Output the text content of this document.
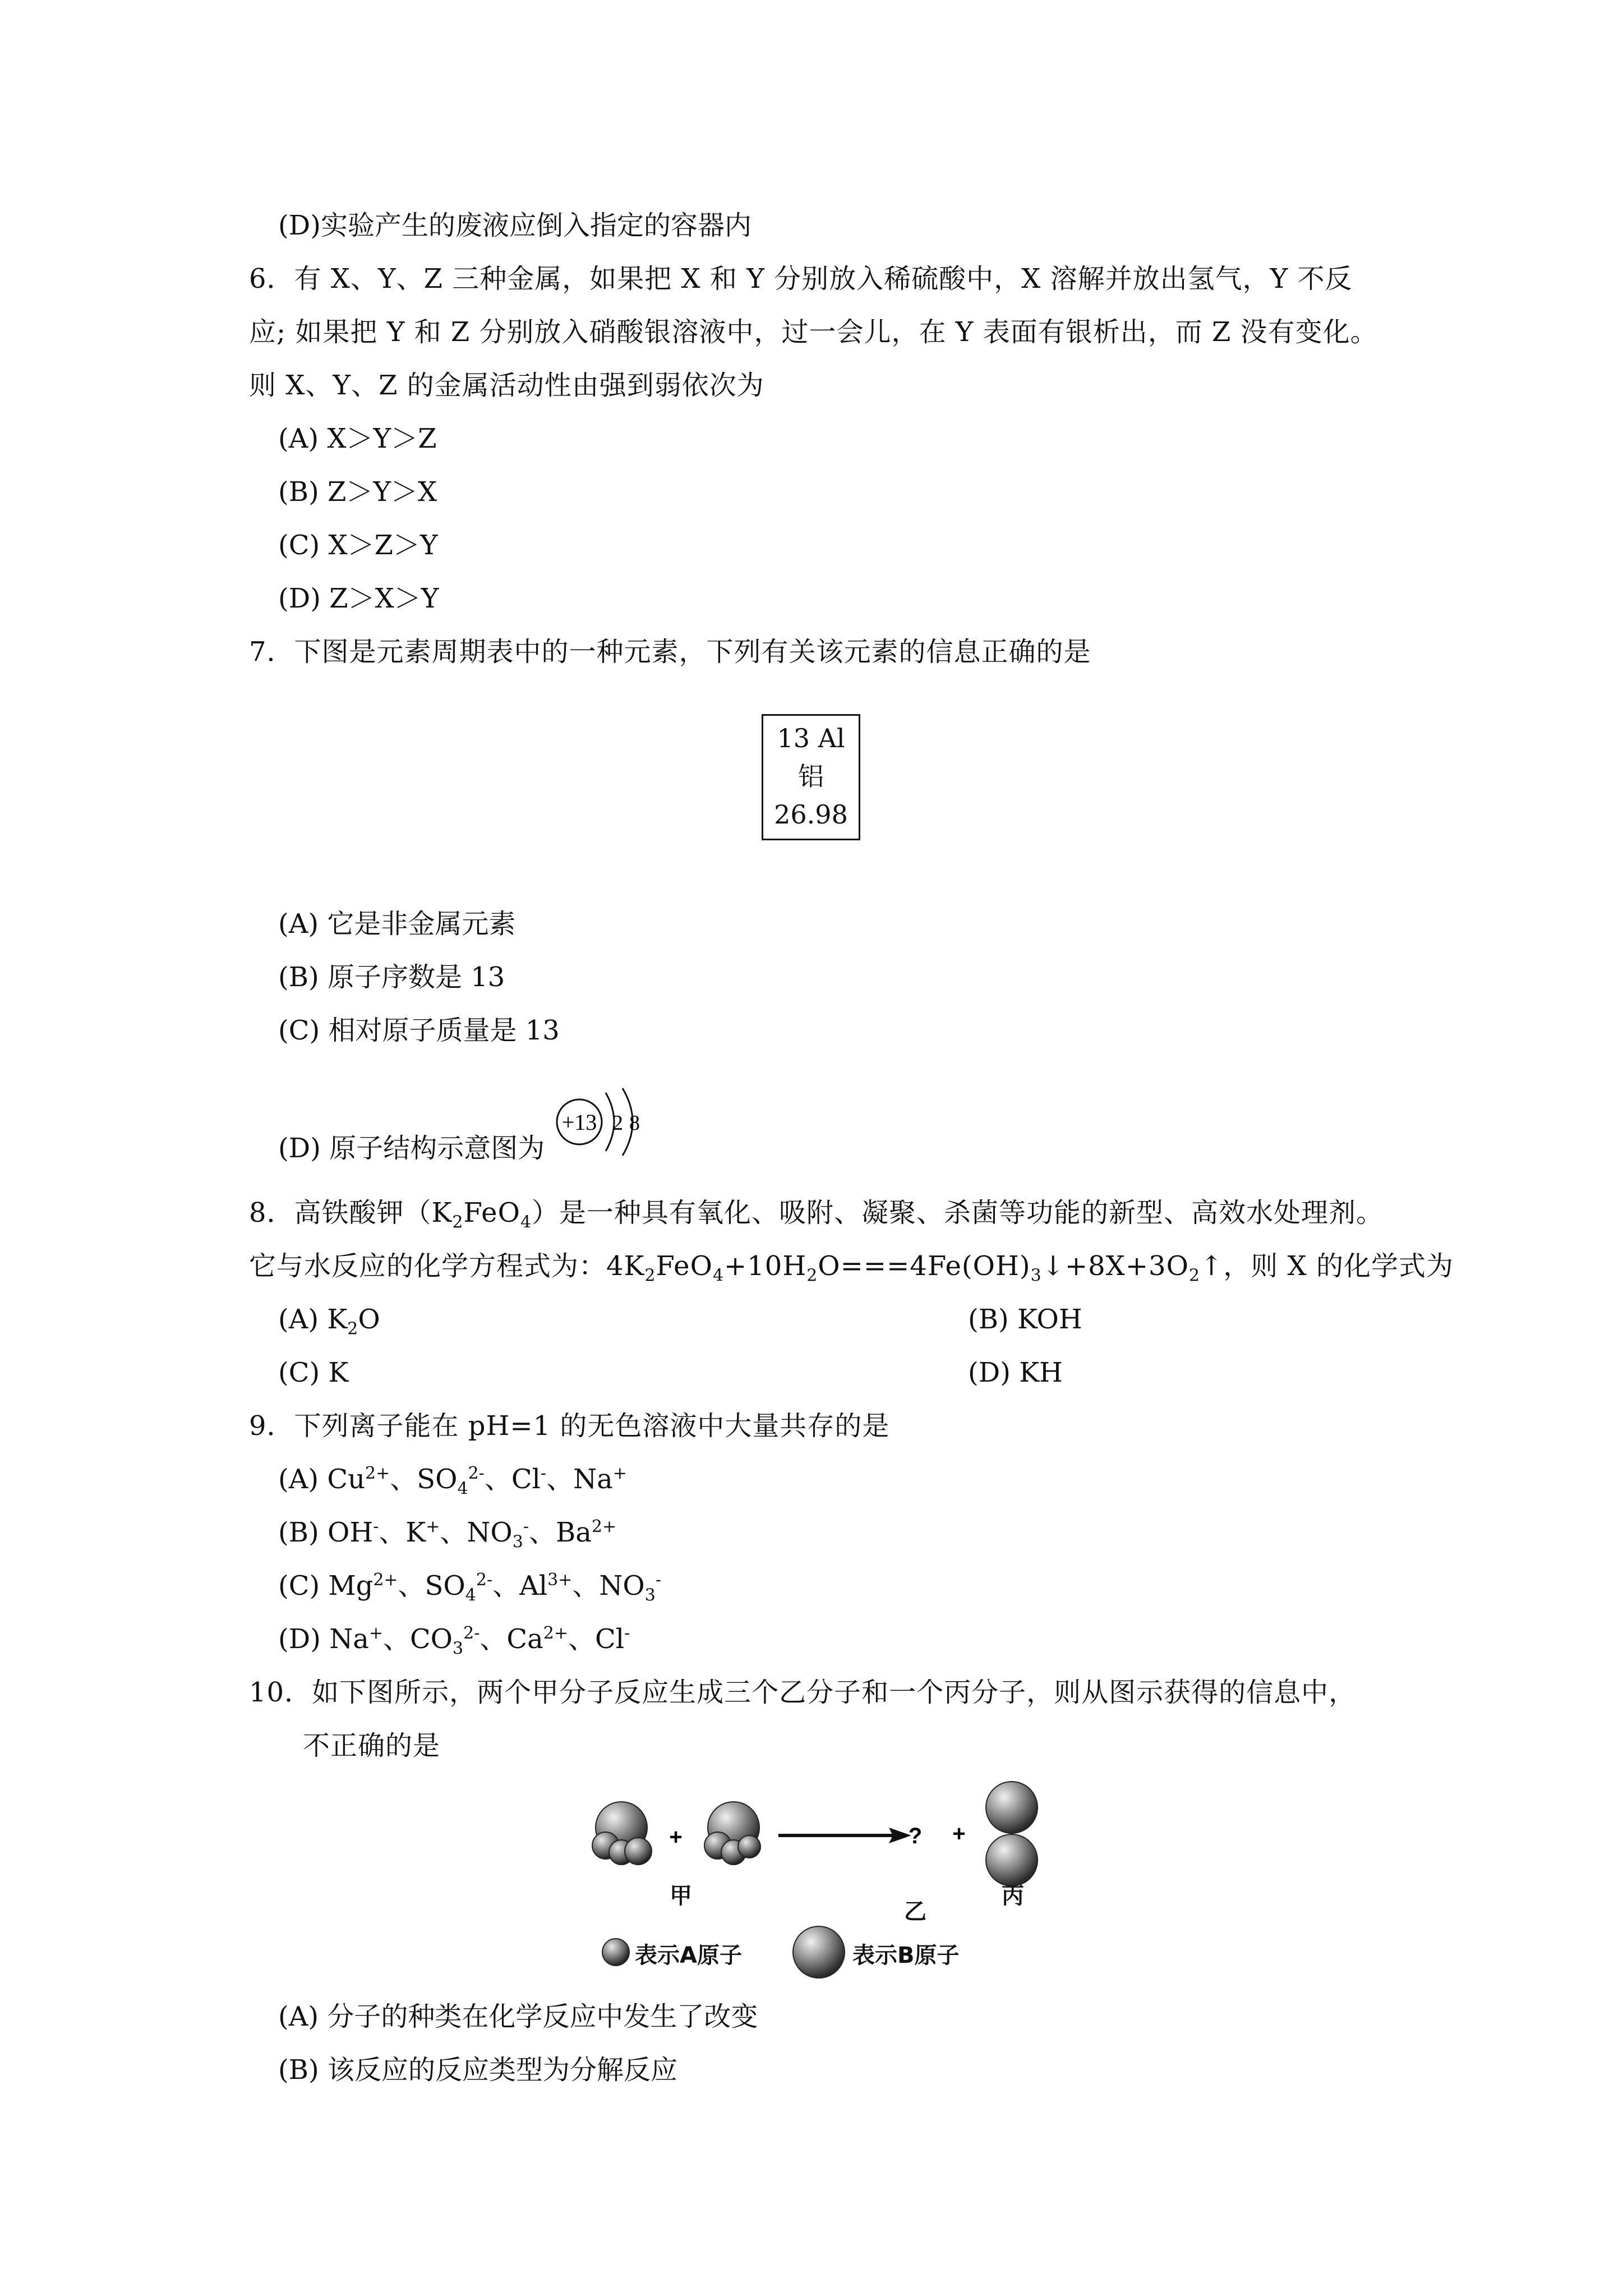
(D)实验产生的废液应倒入指定的容器内
6．有 X、Y、Z 三种金属，如果把 X 和 Y 分别放入稀硫酸中，X 溶解并放出氢气，Y 不反
应; 如果把 Y 和 Z 分别放入硝酸银溶液中，过一会儿，在 Y 表面有银析出，而 Z 没有变化。
则 X、Y、Z 的金属活动性由强到弱依次为
(A) X＞Y＞Z
(B) Z＞Y＞X
(C) X＞Z＞Y
(D) Z＞X＞Y
7．下图是元素周期表中的一种元素，下列有关该元素的信息正确的是
13 Al
铝
26.98
(A) 它是非金属元素
(B) 原子序数是 13
(C) 相对原子质量是 13
(D) 原子结构示意图为
+13 2 8
8．高铁酸钾$(K_2FeO_4)$是一种具有氧化、吸附、凝聚、杀菌等功能的新型、高效水处理剂。
它与水反应的化学方程式为：$4K_2FeO_4+10H_2O===4Fe(OH)_3↓+8X+3O_2↑$，则 X 的化学式为
(A) $K_2O$	(B) KOH
(C) K	(D) KH
9．下列离子能在 pH=1 的无色溶液中大量共存的是
(A) $Cu^{2+}$、$SO_4^{2-}$、Cl-、Na+
(B) OH-、K+、$NO_3^-$、$Ba^{2+}$
(C) $Mg^{2+}$、$SO_4^{2-}$、$Al^{3+}$、$NO_3^-$
(D) Na+、$CO_3^{2-}$、$Ca^{2+}$、Cl-
10．如下图所示，两个甲分子反应生成三个乙分子和一个丙分子，则从图示获得的信息中，
不正确的是
+	? +
甲
乙
丙
表示A原子	表示B原子
(A) 分子的种类在化学反应中发生了改变
(B) 该反应的反应类型为分解反应
